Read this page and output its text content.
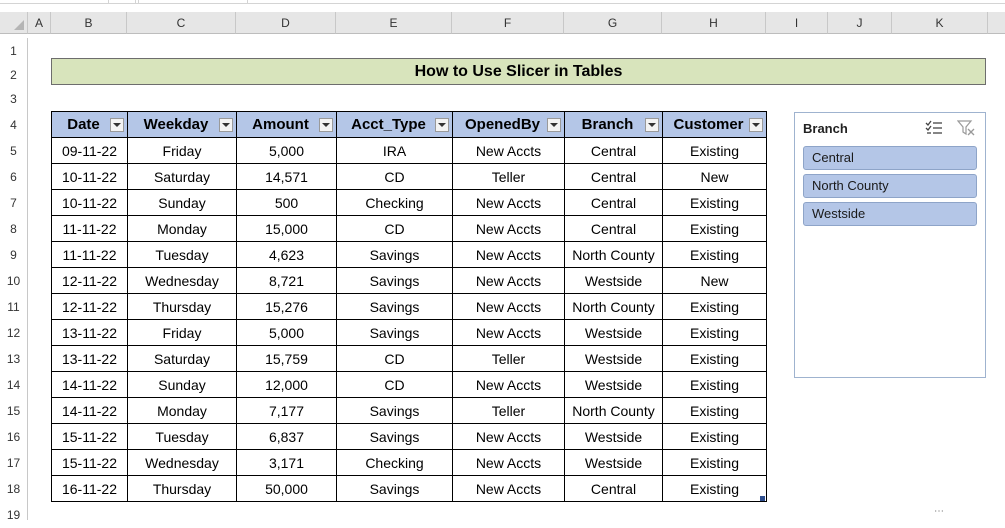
A	B	C	D	E	F	G	H	I	J	K
1
2
3
4
5
6
7
8
9
10
11
12
13
14
15
16
17
18
19
How to Use Slicer in Tables
Date	Weekday	Amount	Acct_Type	OpenedBy	Branch	Customer

09-11-22	Friday	5,000	IRA	New Accts	Central	Existing
10-11-22	Saturday	14,571	CD	Teller	Central	New
10-11-22	Sunday	500	Checking	New Accts	Central	Existing
11-11-22	Monday	15,000	CD	New Accts	Central	Existing
11-11-22	Tuesday	4,623	Savings	New Accts	North County	Existing
12-11-22	Wednesday	8,721	Savings	New Accts	Westside	New
12-11-22	Thursday	15,276	Savings	New Accts	North County	Existing
13-11-22	Friday	5,000	Savings	New Accts	Westside	Existing
13-11-22	Saturday	15,759	CD	Teller	Westside	Existing
14-11-22	Sunday	12,000	CD	New Accts	Westside	Existing
14-11-22	Monday	7,177	Savings	Teller	North County	Existing
15-11-22	Tuesday	6,837	Savings	New Accts	Westside	Existing
15-11-22	Wednesday	3,171	Checking	New Accts	Westside	Existing
16-11-22	Thursday	50,000	Savings	New Accts	Central	Existing
Branch
Central
North County
Westside
⋯
